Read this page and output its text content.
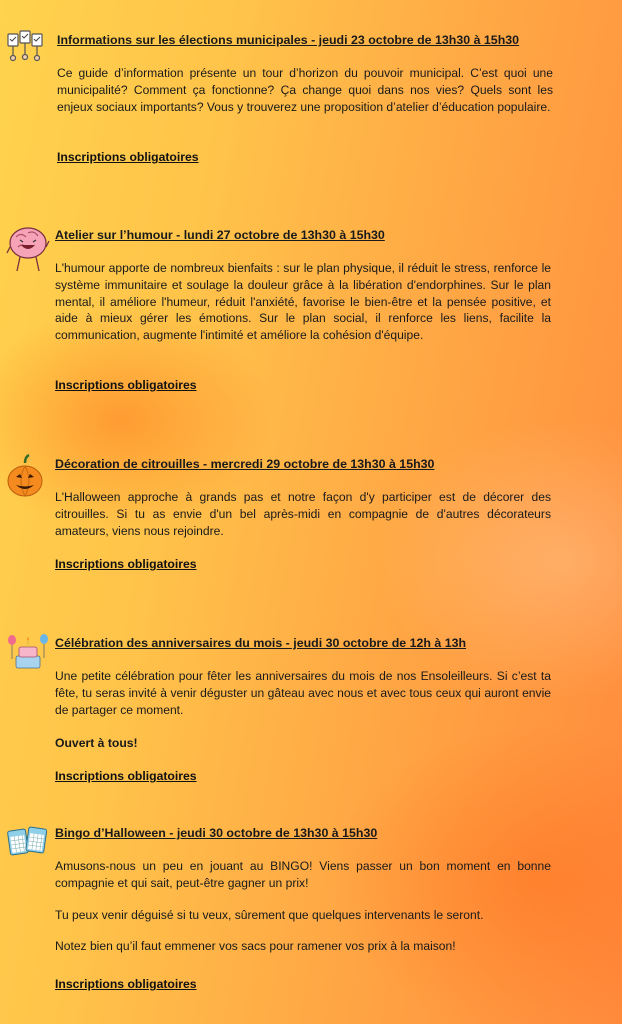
Informations sur les élections municipales - jeudi 23 octobre de 13h30 à 15h30

Ce guide d’information présente un tour d’horizon du pouvoir municipal. C’est quoi une municipalité? Comment ça fonctionne? Ça change quoi dans nos vies? Quels sont les enjeux sociaux importants? Vous y trouverez une proposition d’atelier d’éducation populaire.

Inscriptions obligatoires
Atelier sur l’humour - lundi 27 octobre de 13h30 à 15h30

L'humour apporte de nombreux bienfaits : sur le plan physique, il réduit le stress, renforce le système immunitaire et soulage la douleur grâce à la libération d'endorphines. Sur le plan mental, il améliore l'humeur, réduit l'anxiété, favorise le bien-être et la pensée positive, et aide à mieux gérer les émotions. Sur le plan social, il renforce les liens, facilite la communication, augmente l'intimité et améliore la cohésion d'équipe.

Inscriptions obligatoires
Décoration de citrouilles - mercredi 29 octobre de 13h30 à 15h30

L'Halloween approche à grands pas et notre façon d'y participer est de décorer des citrouilles. Si tu as envie d'un bel après-midi en compagnie de d'autres décorateurs amateurs, viens nous rejoindre.

Inscriptions obligatoires
Célébration des anniversaires du mois - jeudi 30 octobre de 12h à 13h

Une petite célébration pour fêter les anniversaires du mois de nos Ensoleilleurs. Si c’est ta fête, tu seras invité à venir déguster un gâteau avec nous et avec tous ceux qui auront envie de partager ce moment.

Ouvert à tous!

Inscriptions obligatoires
Bingo d’Halloween - jeudi 30 octobre de 13h30 à 15h30

Amusons-nous un peu en jouant au BINGO! Viens passer un bon moment en bonne compagnie et qui sait, peut-être gagner un prix!

Tu peux venir déguisé si tu veux, sûrement que quelques intervenants le seront.

Notez bien qu’il faut emmener vos sacs pour ramener vos prix à la maison!

Inscriptions obligatoires
